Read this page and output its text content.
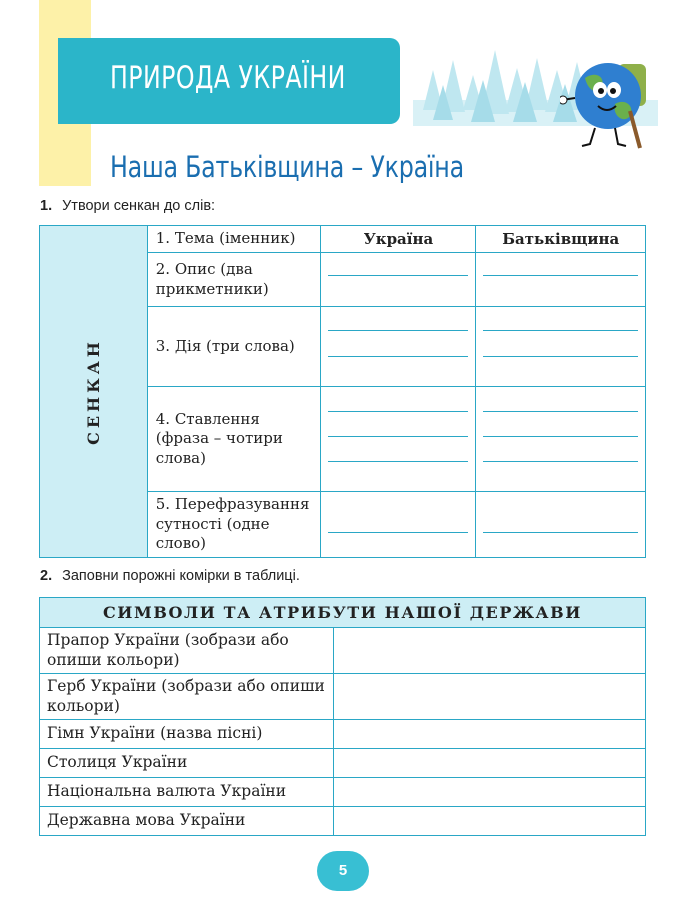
ПРИРОДА УКРАЇНИ
Наша Батьківщина – Україна
1. Утвори сенкан до слів:
СЕНКАН	1. Тема (іменник)	Україна	Батьківщина
	2. Опис (два прикметники)	

	3. Дія (три слова)	

	4. Ставлення (фраза – чотири слова)	

	5. Перефразування сутності (одне слово)	

2. Заповни порожні комірки в таблиці.
СИМВОЛИ ТА АТРИБУТИ НАШОЇ ДЕРЖАВИ	
Прапор України (зобрази або опиши кольори)	
Герб України (зобрази або опиши кольори)	
Гімн України (назва пісні)	
Столиця України	
Національна валюта України	
Державна мова України	
5
